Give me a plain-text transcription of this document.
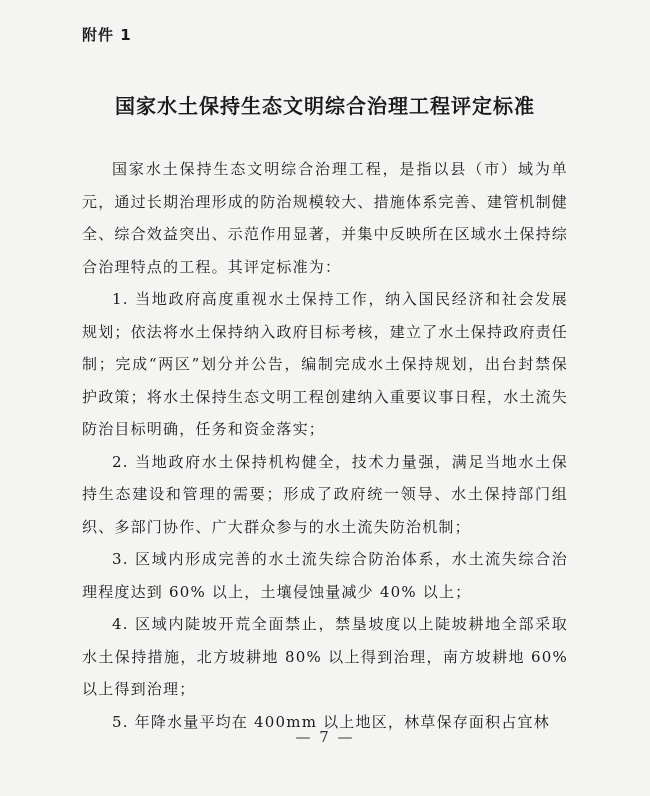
附件 1
国家水土保持生态文明综合治理工程评定标准

国家水土保持生态文明综合治理工程，是指以县（市）域为单元，通过长期治理形成的防治规模较大、措施体系完善、建管机制健全、综合效益突出、示范作用显著，并集中反映所在区域水土保持综合治理特点的工程。其评定标准为：

1. 当地政府高度重视水土保持工作，纳入国民经济和社会发展规划；依法将水土保持纳入政府目标考核，建立了水土保持政府责任制；完成“两区”划分并公告，编制完成水土保持规划，出台封禁保护政策；将水土保持生态文明工程创建纳入重要议事日程，水土流失防治目标明确，任务和资金落实；

2. 当地政府水土保持机构健全，技术力量强，满足当地水土保持生态建设和管理的需要；形成了政府统一领导、水土保持部门组织、多部门协作、广大群众参与的水土流失防治机制；

3. 区域内形成完善的水土流失综合防治体系，水土流失综合治理程度达到 60% 以上，土壤侵蚀量减少 40% 以上；

4. 区域内陡坡开荒全面禁止，禁垦坡度以上陡坡耕地全部采取水土保持措施，北方坡耕地 80% 以上得到治理，南方坡耕地 60% 以上得到治理；

5. 年降水量平均在 400mm 以上地区，林草保存面积占宜林

— 7 —
